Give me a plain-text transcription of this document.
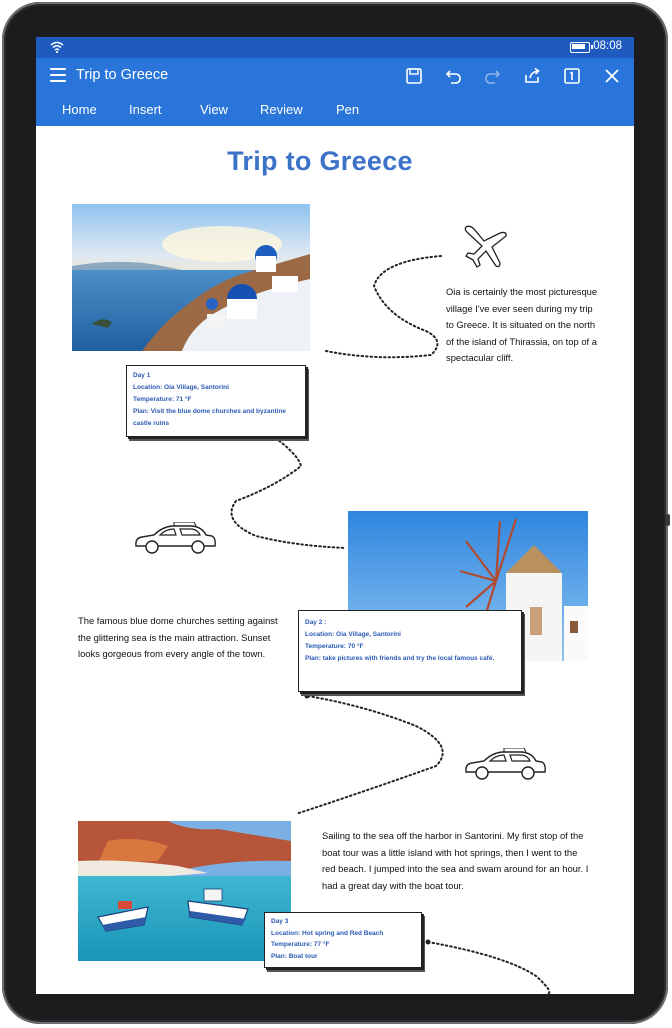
08:08
Trip to Greece
Home Insert	View Review	Pen
Trip to Greece
Day 1
Location: Oia Village, Santorini
Temperature: 71 °F
Plan: Visit the blue dome churches and byzantine castle ruins
Oia is certainly the most picturesque village I've ever seen during my trip to Greece. It is situated on the north of the island of Thirassia, on top of a spectacular cliff.
Day 2 :
Location: Oia Village, Santorini
Temperature: 70 °F
Plan: take pictures with friends and try the local famous café.
The famous blue dome churches setting against the glittering sea is the main attraction. Sunset looks gorgeous from every angle of the town.
Day 3
Location: Hot spring and Red Beach
Temperature: 77 °F
Plan: Boat tour
Sailing to the sea off the harbor in Santorini. My first stop of the boat tour was a little island with hot springs, then I went to the red beach. I jumped into the sea and swam around for an hour. I had a great day with the boat tour.
